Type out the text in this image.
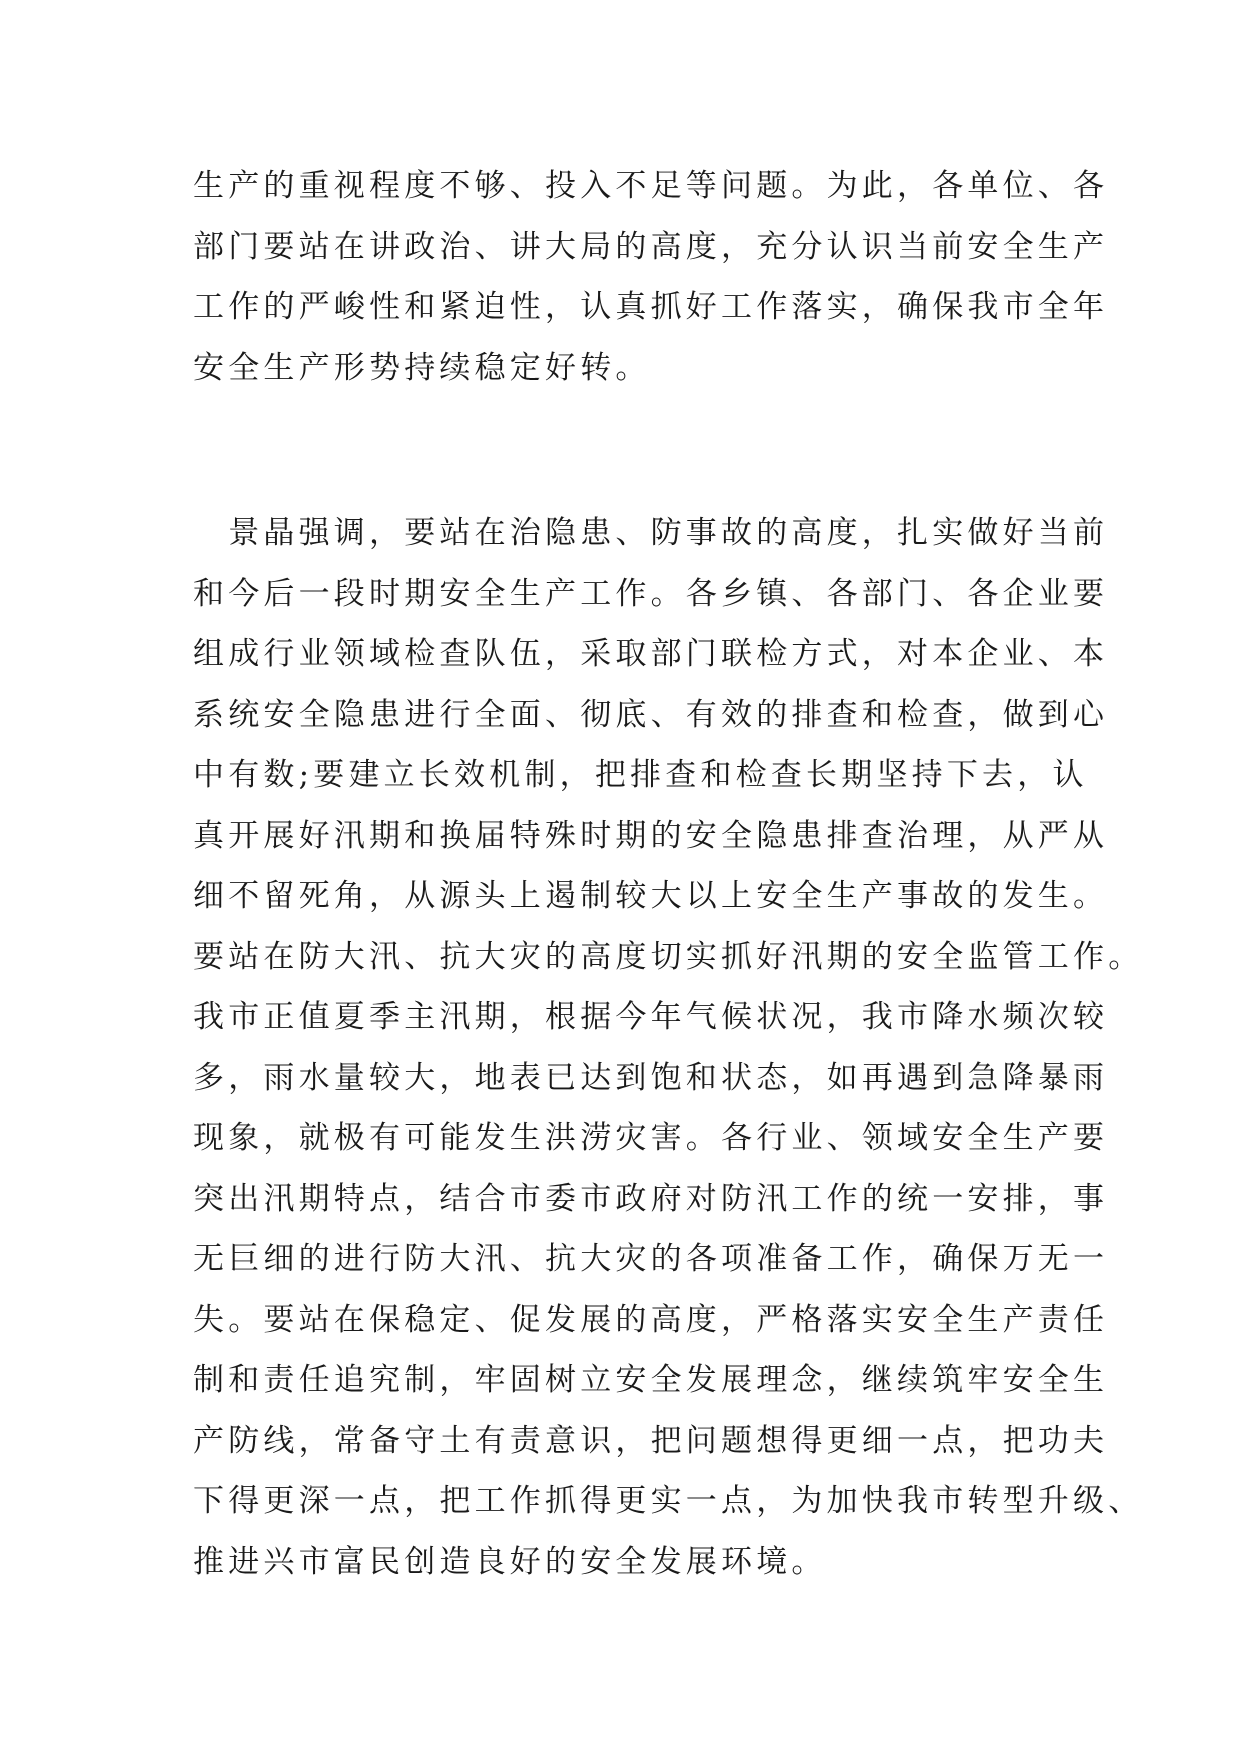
生产的重视程度不够、投入不足等问题。为此，各单位、各
部门要站在讲政治、讲大局的高度，充分认识当前安全生产
工作的严峻性和紧迫性，认真抓好工作落实，确保我市全年
安全生产形势持续稳定好转。
　景晶强调，要站在治隐患、防事故的高度，扎实做好当前
和今后一段时期安全生产工作。各乡镇、各部门、各企业要
组成行业领域检查队伍，采取部门联检方式，对本企业、本
系统安全隐患进行全面、彻底、有效的排查和检查，做到心
中有数;要建立长效机制，把排查和检查长期坚持下去，认
真开展好汛期和换届特殊时期的安全隐患排查治理，从严从
细不留死角，从源头上遏制较大以上安全生产事故的发生。
要站在防大汛、抗大灾的高度切实抓好汛期的安全监管工作。
我市正值夏季主汛期，根据今年气候状况，我市降水频次较
多，雨水量较大，地表已达到饱和状态，如再遇到急降暴雨
现象，就极有可能发生洪涝灾害。各行业、领域安全生产要
突出汛期特点，结合市委市政府对防汛工作的统一安排，事
无巨细的进行防大汛、抗大灾的各项准备工作，确保万无一
失。要站在保稳定、促发展的高度，严格落实安全生产责任
制和责任追究制，牢固树立安全发展理念，继续筑牢安全生
产防线，常备守土有责意识，把问题想得更细一点，把功夫
下得更深一点，把工作抓得更实一点，为加快我市转型升级、
推进兴市富民创造良好的安全发展环境。
